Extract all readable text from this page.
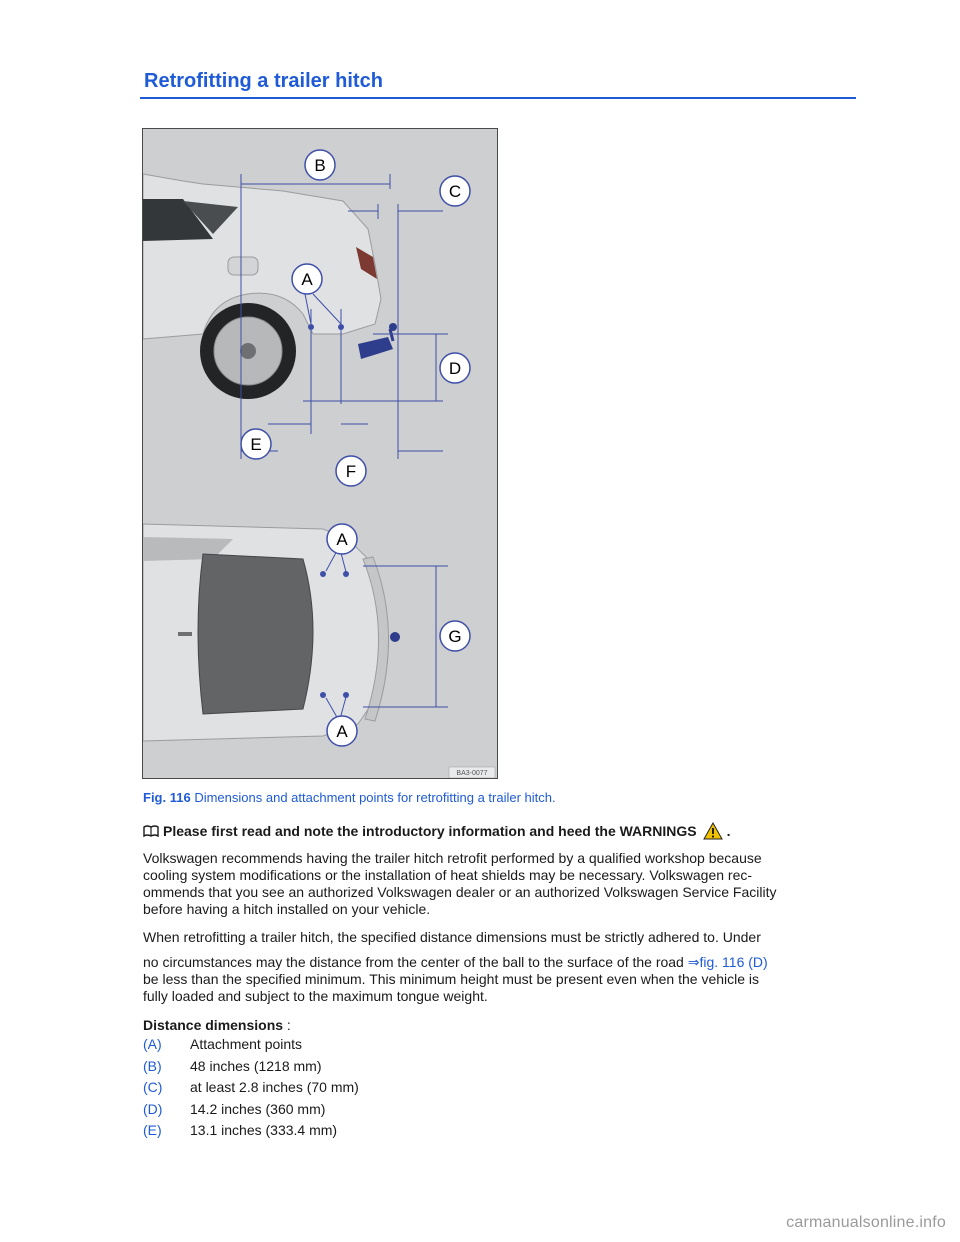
Retrofitting a trailer hitch
A
B
C
D
E
F
A
G
A
BA3-0077
Fig. 116 Dimensions and attachment points for retrofitting a trailer hitch.
Please first read and note the introductory information and heed the WARNINGS .

Volkswagen recommends having the trailer hitch retrofit performed by a qualified workshop because
cooling system modifications or the installation of heat shields may be necessary. Volkswagen rec-
ommends that you see an authorized Volkswagen dealer or an authorized Volkswagen Service Facility
before having a hitch installed on your vehicle.

When retrofitting a trailer hitch, the specified distance dimensions must be strictly adhered to. Under

no circumstances may the distance from the center of the ball to the surface of the road ⇒fig. 116 (D)
be less than the specified minimum. This minimum height must be present even when the vehicle is
fully loaded and subject to the maximum tongue weight.

Distance dimensions :
(A)	Attachment points
(B)	48 inches (1218 mm)
(C)	at least 2.8 inches (70 mm)
(D)	14.2 inches (360 mm)
(E)	13.1 inches (333.4 mm)
carmanualsonline.info
